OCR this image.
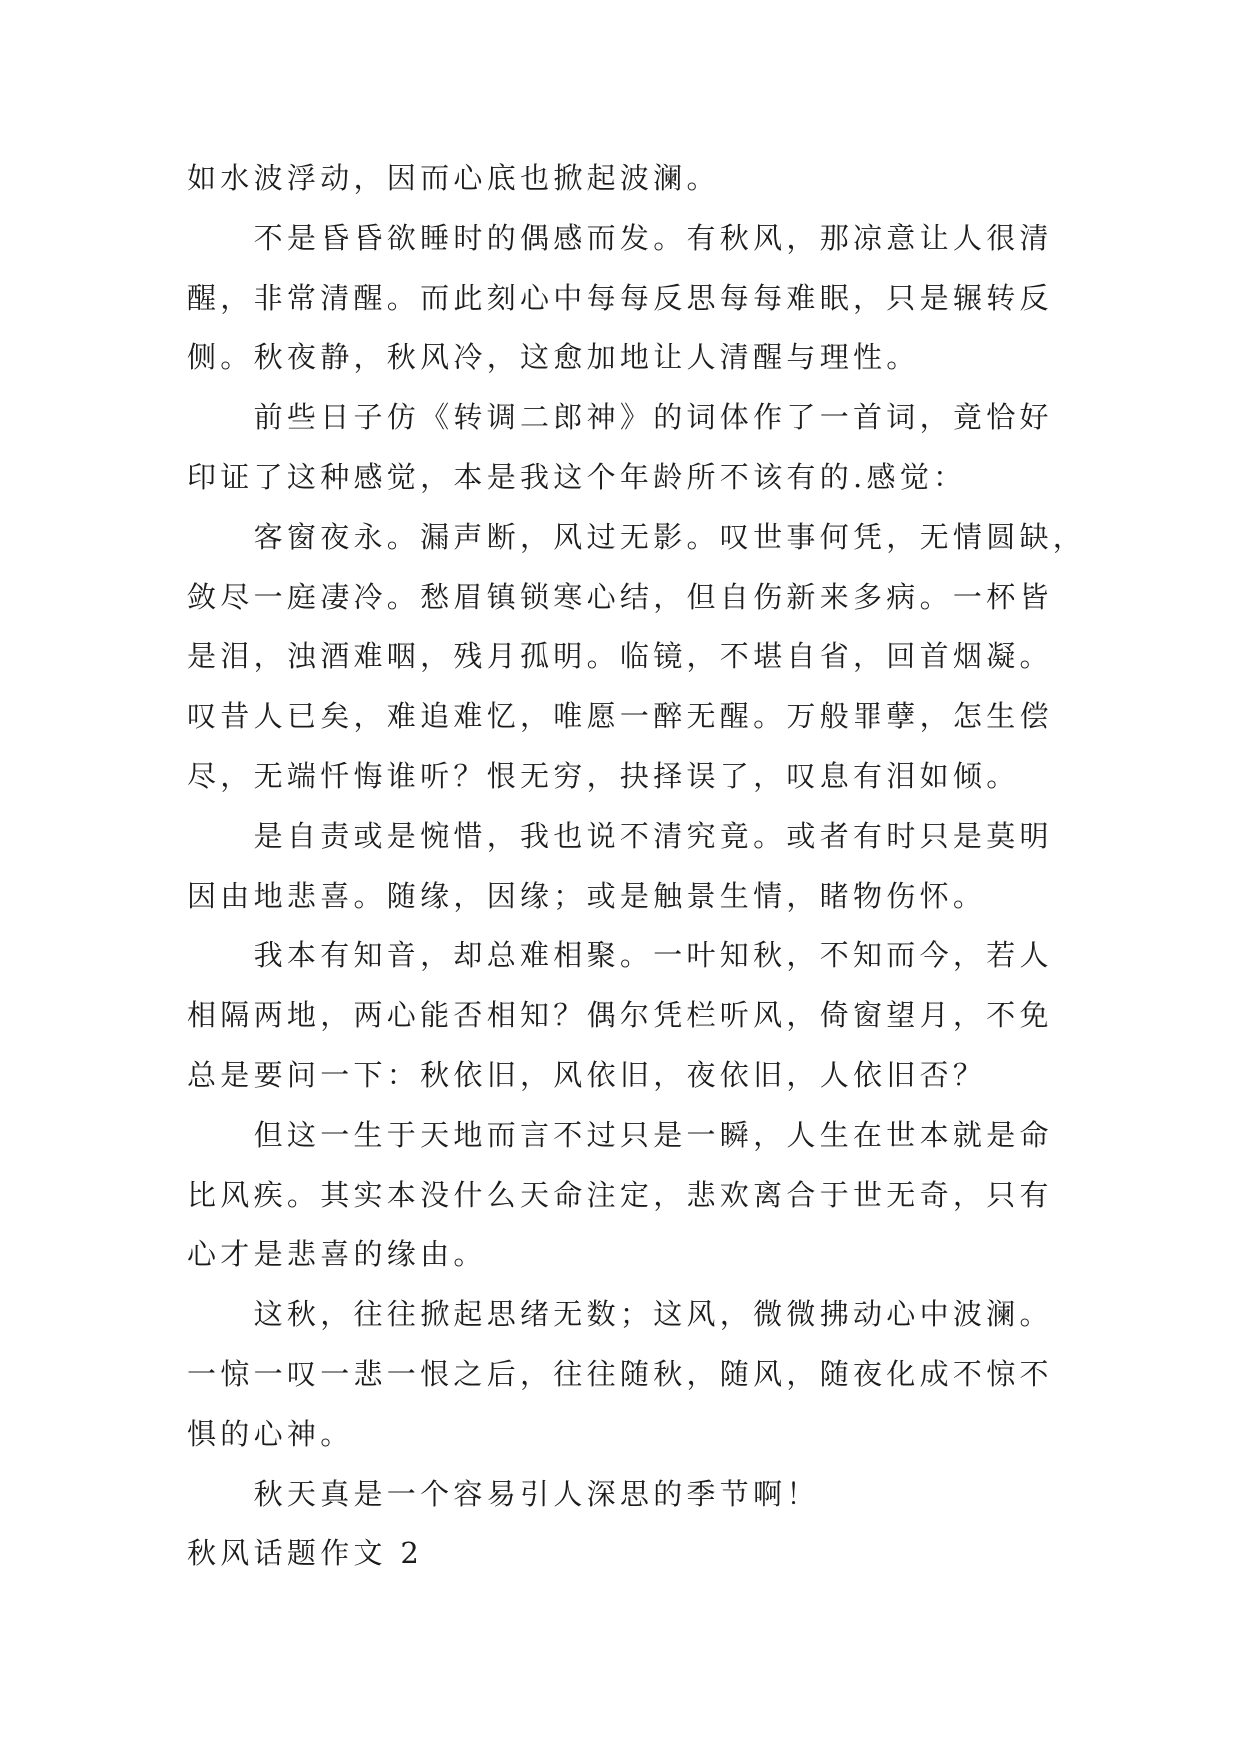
如水波浮动，因而心底也掀起波澜。
不是昏昏欲睡时的偶感而发。有秋风，那凉意让人很清
醒，非常清醒。而此刻心中每每反思每每难眠，只是辗转反
侧。秋夜静，秋风冷，这愈加地让人清醒与理性。
前些日子仿《转调二郎神》的词体作了一首词，竟恰好
印证了这种感觉，本是我这个年龄所不该有的.感觉：
客窗夜永。漏声断，风过无影。叹世事何凭，无情圆缺，
敛尽一庭凄冷。愁眉镇锁寒心结，但自伤新来多病。一杯皆
是泪，浊酒难咽，残月孤明。临镜，不堪自省，回首烟凝。
叹昔人已矣，难追难忆，唯愿一醉无醒。万般罪孽，怎生偿
尽，无端忏悔谁听？恨无穷，抉择误了，叹息有泪如倾。
是自责或是惋惜，我也说不清究竟。或者有时只是莫明
因由地悲喜。随缘，因缘；或是触景生情，睹物伤怀。
我本有知音，却总难相聚。一叶知秋，不知而今，若人
相隔两地，两心能否相知？偶尔凭栏听风，倚窗望月，不免
总是要问一下：秋依旧，风依旧，夜依旧，人依旧否？
但这一生于天地而言不过只是一瞬，人生在世本就是命
比风疾。其实本没什么天命注定，悲欢离合于世无奇，只有
心才是悲喜的缘由。
这秋，往往掀起思绪无数；这风，微微拂动心中波澜。
一惊一叹一悲一恨之后，往往随秋，随风，随夜化成不惊不
惧的心神。
秋天真是一个容易引人深思的季节啊！
秋风话题作文 2
